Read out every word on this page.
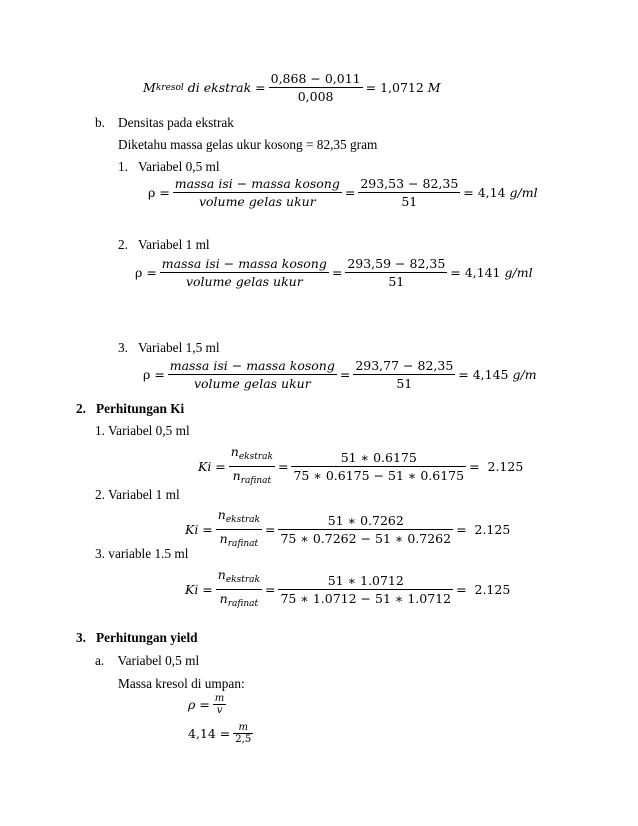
M kresol di ekstrak = $\frac{0,868 - 0,011}{0,008} = 1,0712$ M
b. Densitas pada ekstrak
Diketahu massa gelas ukur kosong = 82,35 gram
1. Variabel 0,5 ml
$\rho = \frac{\text{massa isi − massa kosong}}{\text{volume gelas ukur}} = \frac{293,53 - 82,35}{51} = 4,14$ g/ml
2. Variabel 1 ml
$\rho = \frac{\text{massa isi − massa kosong}}{\text{volume gelas ukur}} = \frac{293,59 - 82,35}{51} = 4,141$ g/ml
3. Variabel 1,5 ml
$\rho = \frac{\text{massa isi − massa kosong}}{\text{volume gelas ukur}} = \frac{293,77 - 82,35}{51} = 4,145$ g/m
2. Perhitungan Ki
1. Variabel 0,5 ml
$Ki = \frac{n_{ekstrak}}{n_{rafinat}} = \frac{51 ∗ 0.6175}{75 ∗ 0.6175 - 51 ∗ 0.6175} = 2.125$
2. Variabel 1 ml
$Ki = \frac{n_{ekstrak}}{n_{rafinat}} = \frac{51 ∗ 0.7262}{75 ∗ 0.7262 - 51 ∗ 0.7262} = 2.125$
3. variable 1.5 ml
$Ki = \frac{n_{ekstrak}}{n_{rafinat}} = \frac{51 ∗ 1.0712}{75 ∗ 1.0712 - 51 ∗ 1.0712} = 2.125$
3. Perhitungan yield
a. Variabel 0,5 ml
Massa kresol di umpan:
$\rho = \frac{m}{v}$
$4,14 = \frac{m}{2,5}$
